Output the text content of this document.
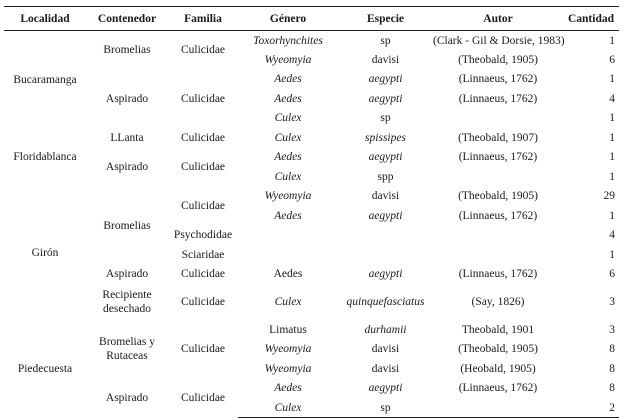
Localidad	Contenedor	Familia	Género	Especie	Autor	Cantidad
Bucaramanga	Bromelias	Culicidae	Toxorhynchites	sp	(Clark - Gil & Dorsie, 1983)	1
			Wyeomyia	davisi	(Theobald, 1905)	6
	Aspirado	Culicidae	Aedes	aegypti	(Linnaeus, 1762)	1
			Aedes	aegypti	(Linnaeus, 1762)	4
			Culex	sp		1
Floridablanca	LLanta	Culicidae	Culex	spissipes	(Theobald, 1907)	1
	Aspirado	Culicidae	Aedes	aegypti	(Linnaeus, 1762)	1
			Culex	spp		1
Girón	Bromelias	Culicidae	Wyeomyia	davisi	(Theobald, 1905)	29
			Aedes	aegypti	(Linnaeus, 1762)	1
		Psychodidae				4
		Sciaridae				1
	Aspirado	Culicidae	Aedes	aegypti	(Linnaeus, 1762)	6
	Recipiente desechado	Culicidae	Culex	quinquefasciatus	(Say, 1826)	3
Piedecuesta	Bromelias y Rutaceas	Culicidae	Limatus	durhamii	Theobald, 1901	3
			Wyeomyia	davisi	(Theobald, 1905)	8
			Wyeomyia	davisi	(Heobald, 1905)	8
	Aspirado	Culicidae	Aedes	aegypti	(Linnaeus, 1762)	8
			Culex	sp		2
